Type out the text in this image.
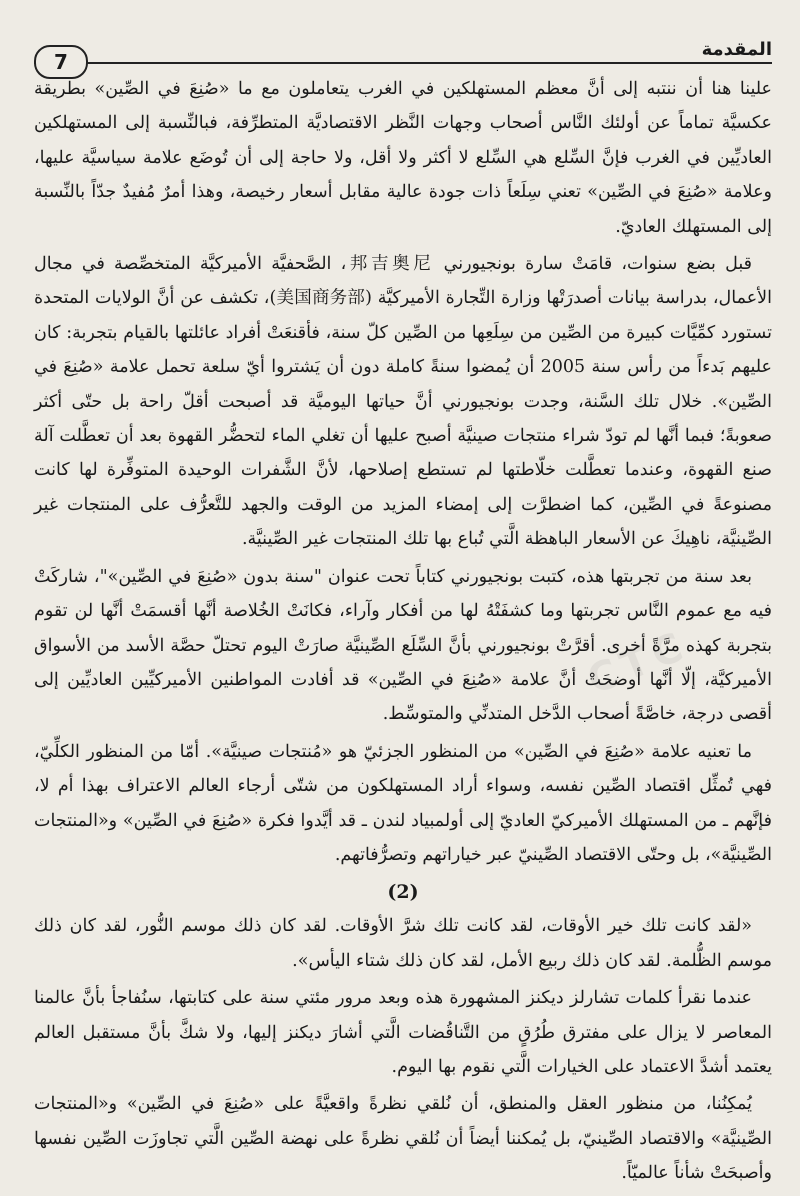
7
المقدمة
CTC

علينا هنا أن ننتبه إلى أنَّ معظم المستهلكين في الغرب يتعاملون مع ما «صُنِعَ في الصِّين» بطريقة عكسيَّة تماماً عن أولئك النَّاس أصحاب وجهات النَّظر الاقتصاديَّة المتطرِّفة، فبالنِّسبة إلى المستهلكين العاديِّين في الغرب فإنَّ السِّلع هي السِّلع لا أكثر ولا أقل، ولا حاجة إلى أن تُوضَع علامة سياسيَّة عليها، وعلامة «صُنِعَ في الصِّين» تعني سِلَعاً ذات جودة عالية مقابل أسعار رخيصة، وهذا أمرٌ مُفيدٌ جدّاً بالنِّسبة إلى المستهلك العاديّ.

قبل بضع سنوات، قامَتْ سارة بونجيورني 邦吉奥尼، الصَّحفيَّة الأميركيَّة المتخصِّصة في مجال الأعمال، بدراسة بيانات أصدرَتْها وزارة التِّجارة الأميركيَّة (美国商务部)، تكشف عن أنَّ الولايات المتحدة تستورد كمِّيَّات كبيرة من الصِّين من سِلَعِها من الصِّين كلّ سنة، فأقنعَتْ أفراد عائلتها بالقيام بتجربة: كان عليهم بَدءاً من رأس سنة 2005 أن يُمضوا سنةً كاملة دون أن يَشتروا أيّ سلعة تحمل علامة «صُنِعَ في الصِّين». خلال تلك السَّنة، وجدت بونجيورني أنَّ حياتها اليوميَّة قد أصبحت أقلّ راحة بل حتّى أكثر صعوبةً؛ فبما أنَّها لم تودّ شراء منتجات صينيَّة أصبح عليها أن تغلي الماء لتحضُّر القهوة بعد أن تعطَّلت آلة صنع القهوة، وعندما تعطَّلت خلّاطتها لم تستطع إصلاحها، لأنَّ الشَّفرات الوحيدة المتوفِّرة لها كانت مصنوعةً في الصِّين، كما اضطرَّت إلى إمضاء المزيد من الوقت والجهد للتَّعرُّف على المنتجات غير الصِّينيَّة، ناهِيكَ عن الأسعار الباهظة الَّتي تُباع بها تلك المنتجات غير الصِّينيَّة.

بعد سنة من تجربتها هذه، كتبت بونجيورني كتاباً تحت عنوان "سنة بدون «صُنِعَ في الصِّين»"، شاركَتْ فيه مع عموم النَّاس تجربتها وما كشفَتْهُ لها من أفكار وآراء، فكانَتْ الخُلاصة أنَّها أقسمَتْ أنَّها لن تقوم بتجربة كهذه مرَّةً أخرى. أقرَّتْ بونجيورني بأنَّ السِّلَع الصِّينيَّة صارَتْ اليوم تحتلّ حصَّة الأسد من الأسواق الأميركيَّة، إلّا أنَّها أوضحَتْ أنَّ علامة «صُنِعَ في الصِّين» قد أفادت المواطنين الأميركيِّين العاديِّين إلى أقصى درجة، خاصَّةً أصحاب الدَّخل المتدنِّي والمتوسِّط.

ما تعنيه علامة «صُنِعَ في الصِّين» من المنظور الجزئيّ هو «مُنتجات صينيَّة». أمّا من المنظور الكلِّيّ، فهي تُمثِّل اقتصاد الصِّين نفسه، وسواء أراد المستهلكون من شتّى أرجاء العالم الاعتراف بهذا أم لا، فإنَّهم ـ من المستهلك الأميركيّ العاديّ إلى أولمبياد لندن ـ قد أيَّدوا فكرة «صُنِعَ في الصِّين» و«المنتجات الصِّينيَّة»، بل وحتّى الاقتصاد الصِّينيّ عبر خياراتهم وتصرُّفاتهم.

(2)

«لقد كانت تلك خير الأوقات، لقد كانت تلك شرَّ الأوقات. لقد كان ذلك موسم النُّور، لقد كان ذلك موسم الظُّلمة. لقد كان ذلك ربيع الأمل، لقد كان ذلك شتاء اليأس».

عندما نقرأ كلمات تشارلز ديكنز المشهورة هذه وبعد مرور مئتي سنة على كتابتها، سنُفاجأ بأنَّ عالمنا المعاصر لا يزال على مفترق طُرُقٍ من التَّناقُضات الَّتي أشارَ ديكنز إليها، ولا شكَّ بأنَّ مستقبل العالم يعتمد أشدَّ الاعتماد على الخيارات الَّتي نقوم بها اليوم.

يُمكِنُنا، من منظور العقل والمنطق، أن نُلقي نظرةً واقعيَّةً على «صُنِعَ في الصِّين» و«المنتجات الصِّينيَّة» والاقتصاد الصِّينيّ، بل يُمكننا أيضاً أن نُلقي نظرةً على نهضة الصِّين الَّتي تجاوزَت الصِّين نفسها وأصبحَتْ شأناً عالميّاً.
